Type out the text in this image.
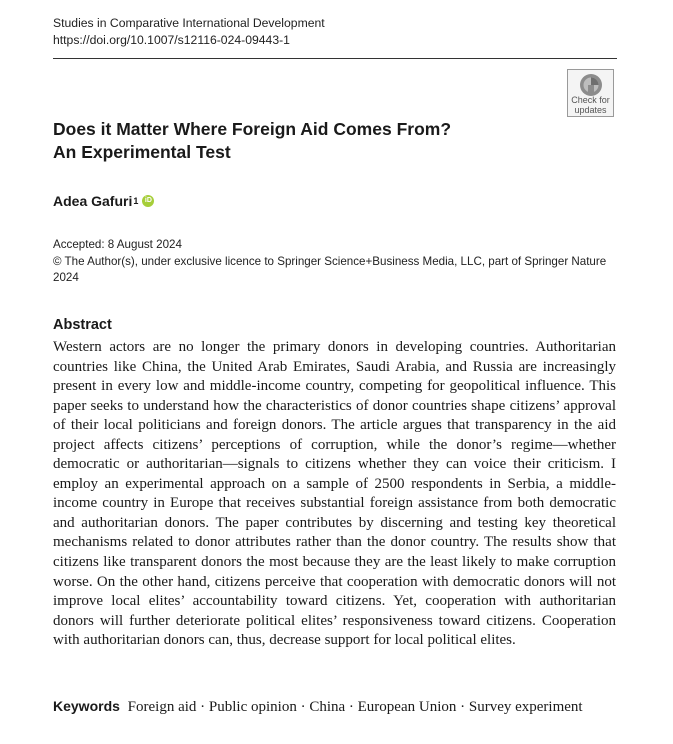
Studies in Comparative International Development
https://doi.org/10.1007/s12116-024-09443-1
Check for
updates
Does it Matter Where Foreign Aid Comes From?
An Experimental Test
Adea Gafuri 1 iD
Accepted: 8 August 2024
© The Author(s), under exclusive licence to Springer Science+Business Media, LLC, part of Springer Nature
2024
Abstract

Western actors are no longer the primary donors in developing countries. Authoritarian countries like China, the United Arab Emirates, Saudi Arabia, and Russia are increasingly present in every low and middle-income country, competing for geopolitical influence. This paper seeks to understand how the characteristics of donor countries shape citizens’ approval of their local politicians and foreign donors. The article argues that transparency in the aid project affects citizens’ perceptions of corruption, while the donor’s regime—whether democratic or authoritarian—signals to citizens whether they can voice their criticism. I employ an experimental approach on a sample of 2500 respondents in Serbia, a middle-income country in Europe that receives substantial foreign assistance from both democratic and authoritarian donors. The paper contributes by discerning and testing key theoretical mechanisms related to donor attributes rather than the donor country. The results show that citizens like transparent donors the most because they are the least likely to make corruption worse. On the other hand, citizens perceive that cooperation with democratic donors will not improve local elites’ accountability toward citizens. Yet, cooperation with authoritarian donors will further deteriorate political elites’ responsiveness toward citizens. Cooperation with authoritarian donors can, thus, decrease support for local political elites.

Keywords Foreign aid · Public opinion · China · European Union · Survey experiment
